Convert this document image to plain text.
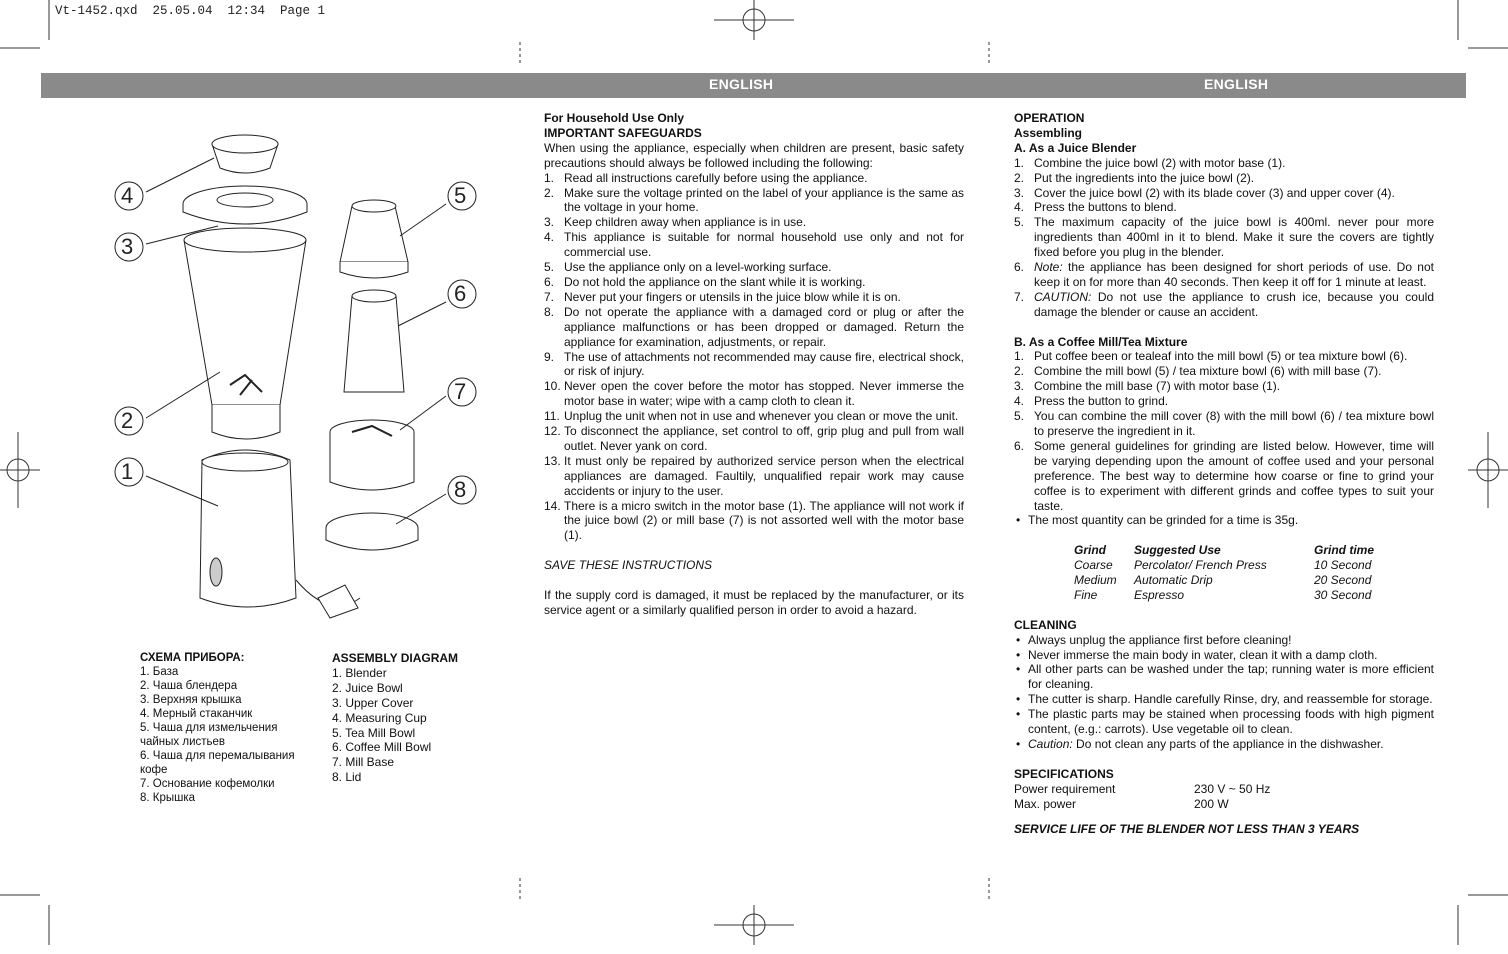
Vt-1452.qxd  25.05.04  12:34  Page 1
ENGLISH	ENGLISH
4
3
2
1
5
6
7
8

СХЕМА ПРИБОРА:

1. База

2. Чаша блендера

3. Верхняя крышка

4. Мерный стаканчик

5. Чаша для измельчения

чайных листьев

6. Чаша для перемалывания

кофе

7. Основание кофемолки

8. Крышка

ASSEMBLY DIAGRAM

1. Blender

2. Juice Bowl

3. Upper Cover

4. Measuring Cup

5. Tea Mill Bowl

6. Coffee Mill Bowl

7. Mill Base

8. Lid

For Household Use Only

IMPORTANT SAFEGUARDS

When using the appliance, especially when children are present, basic safety precautions should always be followed including the following:

1. Read all instructions carefully before using the appliance.
2. Make sure the voltage printed on the label of your appliance is the same as the voltage in your home.
3. Keep children away when appliance is in use.
4. This appliance is suitable for normal household use only and not for commercial use.
5. Use the appliance only on a level-working surface.
6. Do not hold the appliance on the slant while it is working.
7. Never put your fingers or utensils in the juice blow while it is on.
8. Do not operate the appliance with a damaged cord or plug or after the appliance malfunctions or has been dropped or damaged. Return the appliance for examination, adjustments, or repair.
9. The use of attachments not recommended may cause fire, electrical shock, or risk of injury.
10. Never open the cover before the motor has stopped. Never immerse the motor base in water; wipe with a camp cloth to clean it.
11. Unplug the unit when not in use and whenever you clean or move the unit.
12. To disconnect the appliance, set control to off, grip plug and pull from wall outlet. Never yank on cord.
13. It must only be repaired by authorized service person when the electrical appliances are damaged. Faultily, unqualified repair work may cause accidents or injury to the user.
14. There is a micro switch in the motor base (1). The appliance will not work if the juice bowl (2) or mill base (7) is not assorted well with the motor base (1).

SAVE THESE INSTRUCTIONS

If the supply cord is damaged, it must be replaced by the manufacturer, or its service agent or a similarly qualified person in order to avoid a hazard.

OPERATION

Assembling

A. As a Juice Blender

1. Combine the juice bowl (2) with motor base (1).
2. Put the ingredients into the juice bowl (2).
3. Cover the juice bowl (2) with its blade cover (3) and upper cover (4).
4. Press the buttons to blend.
5. The maximum capacity of the juice bowl is 400ml. never pour more ingredients than 400ml in it to blend. Make it sure the covers are tightly fixed before you plug in the blender.
6. Note: the appliance has been designed for short periods of use. Do not keep it on for more than 40 seconds. Then keep it off for 1 minute at least.
7. CAUTION: Do not use the appliance to crush ice, because you could damage the blender or cause an accident.

B. As a Coffee Mill/Tea Mixture

1. Put coffee been or tealeaf into the mill bowl (5) or tea mixture bowl (6).
2. Combine the mill bowl (5) / tea mixture bowl (6) with mill base (7).
3. Combine the mill base (7) with motor base (1).
4. Press the button to grind.
5. You can combine the mill cover (8) with the mill bowl (6) / tea mixture bowl to preserve the ingredient in it.
6. Some general guidelines for grinding are listed below. However, time will be varying depending upon the amount of coffee used and your personal preference. The best way to determine how coarse or fine to grind your coffee is to experiment with different grinds and coffee types to suit your taste.
• The most quantity can be grinded for a time is 35g.
Grind	Suggested Use	Grind time
Coarse	Percolator/ French Press	10 Second
Medium	Automatic Drip	20 Second
Fine	Espresso	30 Second

CLEANING

• Always unplug the appliance first before cleaning!
• Never immerse the main body in water, clean it with a damp cloth.
• All other parts can be washed under the tap; running water is more efficient for cleaning.
• The cutter is sharp. Handle carefully Rinse, dry, and reassemble for storage.
• The plastic parts may be stained when processing foods with high pigment content, (e.g.: carrots). Use vegetable oil to clean.
• Caution: Do not clean any parts of the appliance in the dishwasher.

SPECIFICATIONS

Power requirement	230 V ~ 50 Hz
Max. power	200 W

SERVICE LIFE OF THE BLENDER NOT LESS THAN 3 YEARS
